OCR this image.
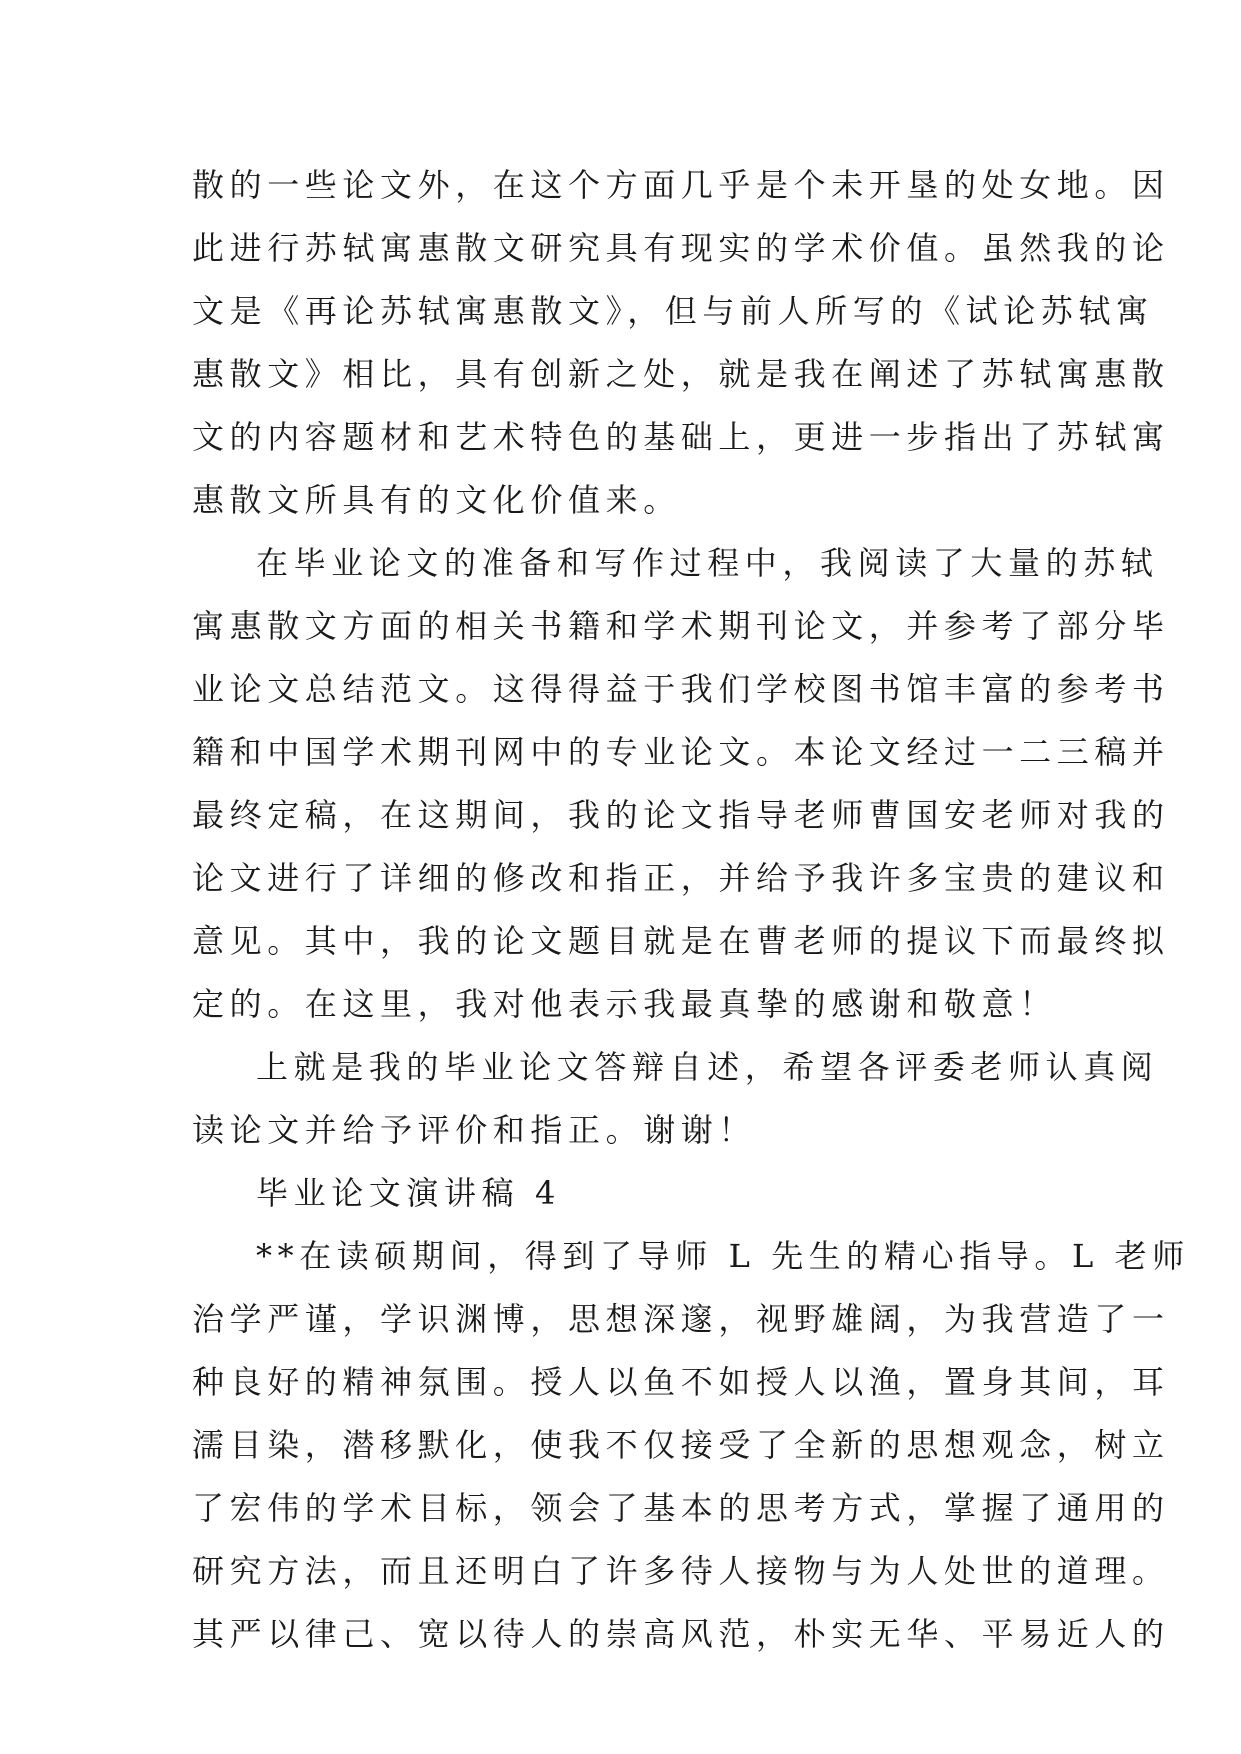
散的一些论文外，在这个方面几乎是个未开垦的处女地。因
此进行苏轼寓惠散文研究具有现实的学术价值。虽然我的论
文是《再论苏轼寓惠散文》，但与前人所写的《试论苏轼寓
惠散文》相比，具有创新之处，就是我在阐述了苏轼寓惠散
文的内容题材和艺术特色的基础上，更进一步指出了苏轼寓
惠散文所具有的文化价值来。
在毕业论文的准备和写作过程中，我阅读了大量的苏轼
寓惠散文方面的相关书籍和学术期刊论文，并参考了部分毕
业论文总结范文。这得得益于我们学校图书馆丰富的参考书
籍和中国学术期刊网中的专业论文。本论文经过一二三稿并
最终定稿，在这期间，我的论文指导老师曹国安老师对我的
论文进行了详细的修改和指正，并给予我许多宝贵的建议和
意见。其中，我的论文题目就是在曹老师的提议下而最终拟
定的。在这里，我对他表示我最真挚的感谢和敬意！
上就是我的毕业论文答辩自述，希望各评委老师认真阅
读论文并给予评价和指正。谢谢！
毕业论文演讲稿 4
**在读硕期间，得到了导师 L 先生的精心指导。L 老师
治学严谨，学识渊博，思想深邃，视野雄阔，为我营造了一
种良好的精神氛围。授人以鱼不如授人以渔，置身其间，耳
濡目染，潜移默化，使我不仅接受了全新的思想观念，树立
了宏伟的学术目标，领会了基本的思考方式，掌握了通用的
研究方法，而且还明白了许多待人接物与为人处世的道理。
其严以律己、宽以待人的崇高风范，朴实无华、平易近人的
